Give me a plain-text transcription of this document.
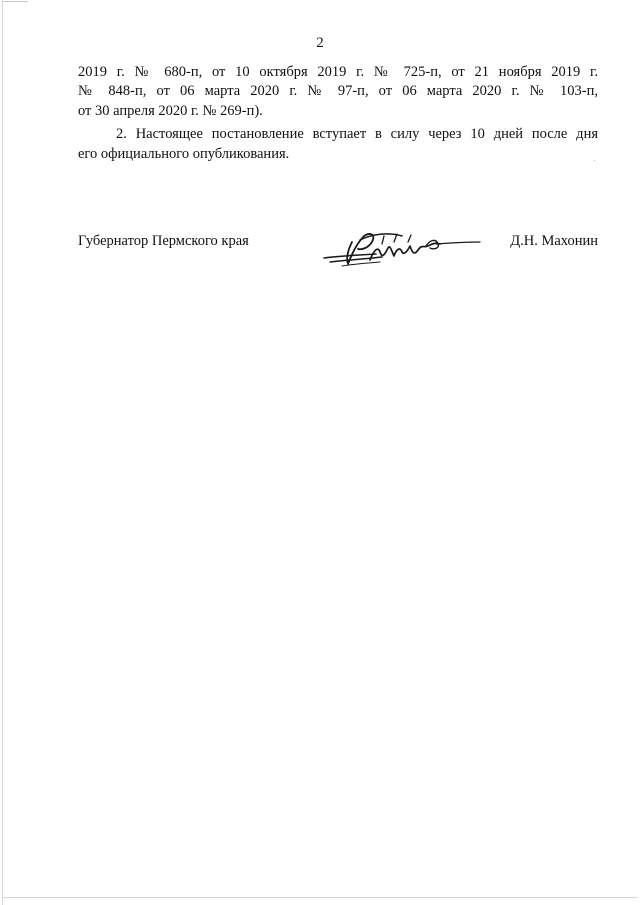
2
2019 г. № 680-п, от 10 октября 2019 г. № 725-п, от 21 ноября 2019 г.
№ 848-п, от 06 марта 2020 г. № 97-п, от 06 марта 2020 г. № 103-п,
от 30 апреля 2020 г. № 269-п).
2. Настоящее постановление вступает в силу через 10 дней после дня
его официального опубликования.
Губернатор Пермского края	Д.Н. Махонин
